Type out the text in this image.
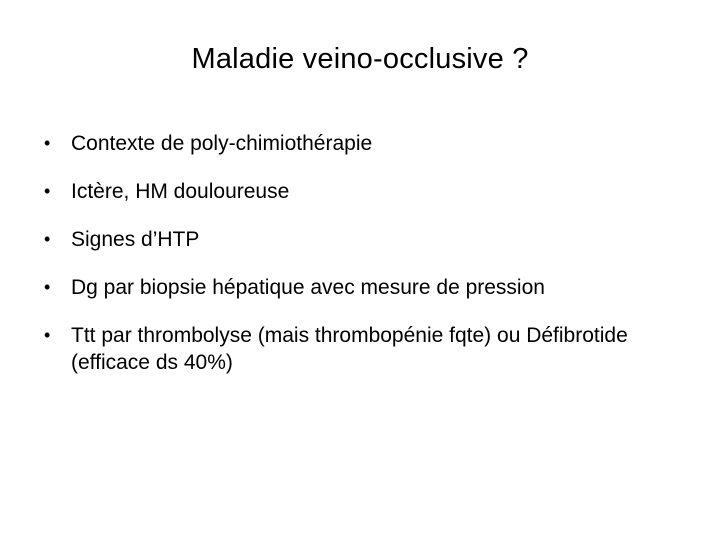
Maladie veino-occlusive ?
• Contexte de poly-chimiothérapie
• Ictère, HM douloureuse
• Signes d’HTP
• Dg par biopsie hépatique avec mesure de pression
• Ttt par thrombolyse (mais thrombopénie fqte) ou Défibrotide (efficace ds 40%)
